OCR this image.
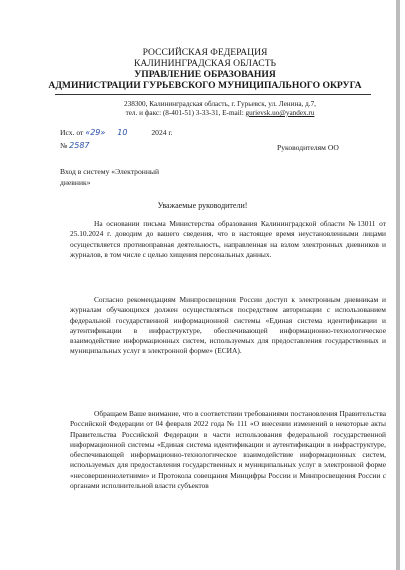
РОССИЙСКАЯ ФЕДЕРАЦИЯ
КАЛИНИНГРАДСКАЯ ОБЛАСТЬ
УПРАВЛЕНИЕ ОБРАЗОВАНИЯ
АДМИНИСТРАЦИИ ГУРЬЕВСКОГО МУНИЦИПАЛЬНОГО ОКРУГА
238300, Калининградская область, г. Гурьевск, ул. Ленина, д.7,
тел. и факс: (8-401-51) 3-33-31, E-mail: gurievsk.uo@yandex.ru
Исх. от «29» 10	2024 г.
№ 2587	Руководителям ОО
Вход в систему «Электронный
дневник»
Уважаемые руководители!

На основании письма Министерства образования Калининградской области №13011 от 25.10.2024 г. доводим до вашего сведения, что в настоящее время неустановленными лицами осуществляется противоправная деятельность, направленная на взлом электронных дневников и журналов, в том числе с целью хищения персональных данных.

Согласно рекомендациям Минпросвещения России доступ к электронным дневникам и журналам обучающихся должен осуществляться посредством авторизации с использованием федеральной государственной информационной системы «Единая система идентификации и аутентификации в инфраструктуре, обеспечивающей информационно-технологическое взаимодействие информационных систем, используемых для предоставления государственных и муниципальных услуг в электронной форме» (ЕСИА).

Обращаем Ваше внимание, что в соответствии требованиями постановления Правительства Российской Федерации от 04 февраля 2022 года № 111 «О внесении изменений в некоторые акты Правительства Российской Федерации в части использования федеральной государственной информационной системы «Единая система идентификации и аутентификации в инфраструктуре, обеспечивающей информационно-технологическое взаимодействие информационных систем, используемых для предоставления государственных и муниципальных услуг в электронной форме «несовершеннолетними» и Протокола совещания Минцифры России и Минпросвещения России с органами исполнительной власти субъектов
